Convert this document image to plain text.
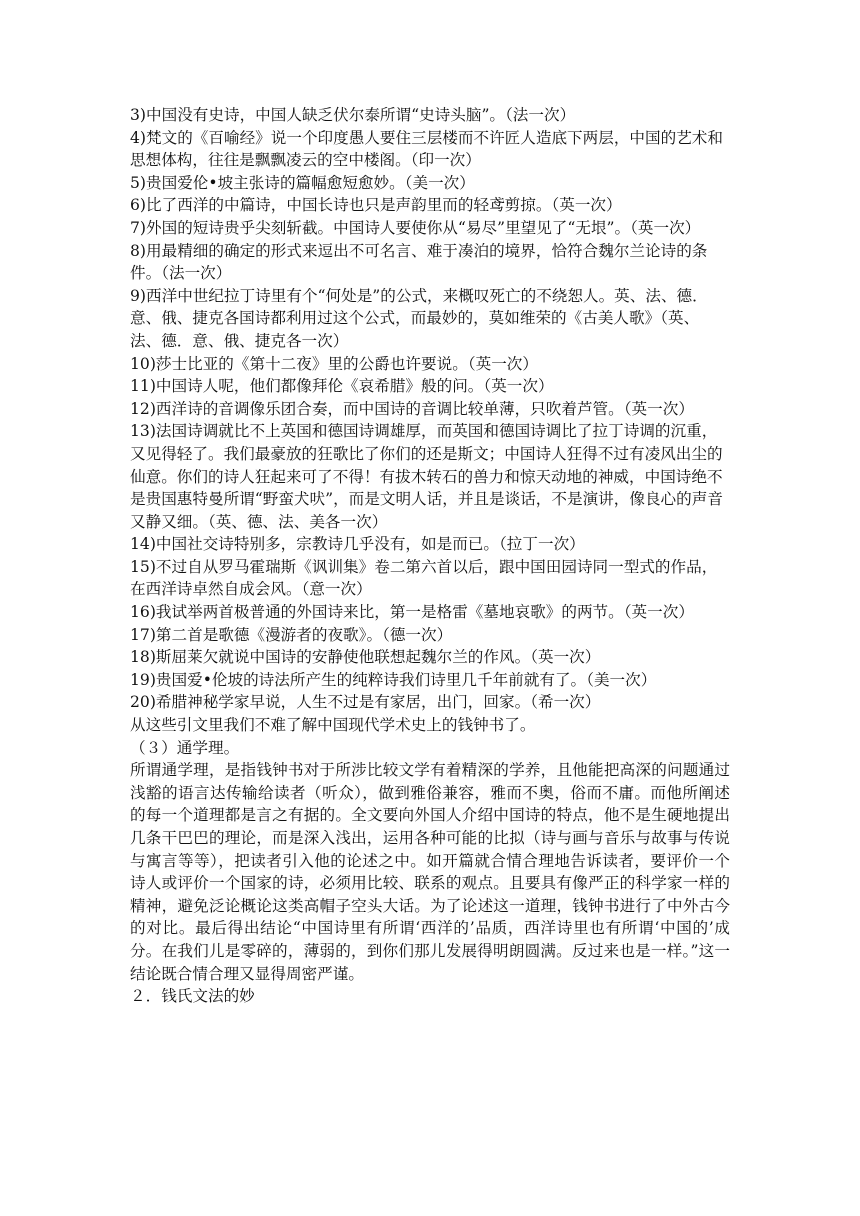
3)中国没有史诗，中国人缺乏伏尔泰所谓“史诗头脑”。（法一次）

4)梵文的《百喻经》说一个印度愚人要住三层楼而不许匠人造底下两层，中国的艺术和思想体构，往往是飘飘凌云的空中楼阁。（印一次）

5)贵国爱伦•坡主张诗的篇幅愈短愈妙。（美一次）

6)比了西洋的中篇诗，中国长诗也只是声韵里而的轻鸢剪掠。（英一次）

7)外国的短诗贵乎尖刻斩截。中国诗人要使你从“易尽”里望见了“无垠”。（英一次）

8)用最精细的确定的形式来逗出不可名言、难于凑泊的境界，恰符合魏尔兰论诗的条件。（法一次）

9)西洋中世纪拉丁诗里有个“何处是”的公式，来概叹死亡的不绕恕人。英、法、德．意、俄、捷克各国诗都利用过这个公式，而最妙的，莫如维荣的《古美人歌》（英、法、德．意、俄、捷克各一次）

10)莎士比亚的《第十二夜》里的公爵也许要说。（英一次）

11)中国诗人呢，他们都像拜伦《哀希腊》般的问。（英一次）

12)西洋诗的音调像乐团合奏，而中国诗的音调比较单薄，只吹着芦管。（英一次）

13)法国诗调就比不上英国和德国诗调雄厚，而英国和德国诗调比了拉丁诗调的沉重，又见得轻了。我们最豪放的狂歌比了你们的还是斯文；中国诗人狂得不过有凌风出尘的仙意。你们的诗人狂起来可了不得！有拔木转石的兽力和惊天动地的神威，中国诗绝不是贵国惠特曼所谓“野蛮犬吠”，而是文明人话，并且是谈话，不是演讲，像良心的声音又静又细。（英、德、法、美各一次）

14)中国社交诗特别多，宗教诗几乎没有，如是而已。（拉丁一次）

15)不过自从罗马霍瑞斯《讽训集》卷二第六首以后，跟中国田园诗同一型式的作品，在西洋诗卓然自成会风。（意一次）

16)我试举两首极普通的外国诗来比，第一是格雷《墓地哀歌》的两节。（英一次）

17)第二首是歌德《漫游者的夜歌》。（德一次）

18)斯屈莱欠就说中国诗的安静使他联想起魏尔兰的作风。（英一次）

19)贵国爱•伦坡的诗法所产生的纯粹诗我们诗里几千年前就有了。（美一次）

20)希腊神秘学家早说，人生不过是有家居，出门，回家。（希一次）

从这些引文里我们不难了解中国现代学术史上的钱钟书了。

（３）通学理。

所谓通学理，是指钱钟书对于所涉比较文学有着精深的学养，且他能把高深的问题通过浅豁的语言达传输给读者（听众），做到雅俗兼容，雅而不奥，俗而不庸。而他所阐述的每一个道理都是言之有据的。全文要向外国人介绍中国诗的特点，他不是生硬地提出几条干巴巴的理论，而是深入浅出，运用各种可能的比拟（诗与画与音乐与故事与传说与寓言等等），把读者引入他的论述之中。如开篇就合情合理地告诉读者，要评价一个诗人或评价一个国家的诗，必须用比较、联系的观点。且要具有像严正的科学家一样的精神，避免泛论概论这类高帽子空头大话。为了论述这一道理，钱钟书进行了中外古今的对比。最后得出结论“中国诗里有所谓‘西洋的’品质，西洋诗里也有所谓‘中国的’成分。在我们儿是零碎的，薄弱的，到你们那儿发展得明朗圆满。反过来也是一样。”这一结论既合情合理又显得周密严谨。

２．钱氏文法的妙
